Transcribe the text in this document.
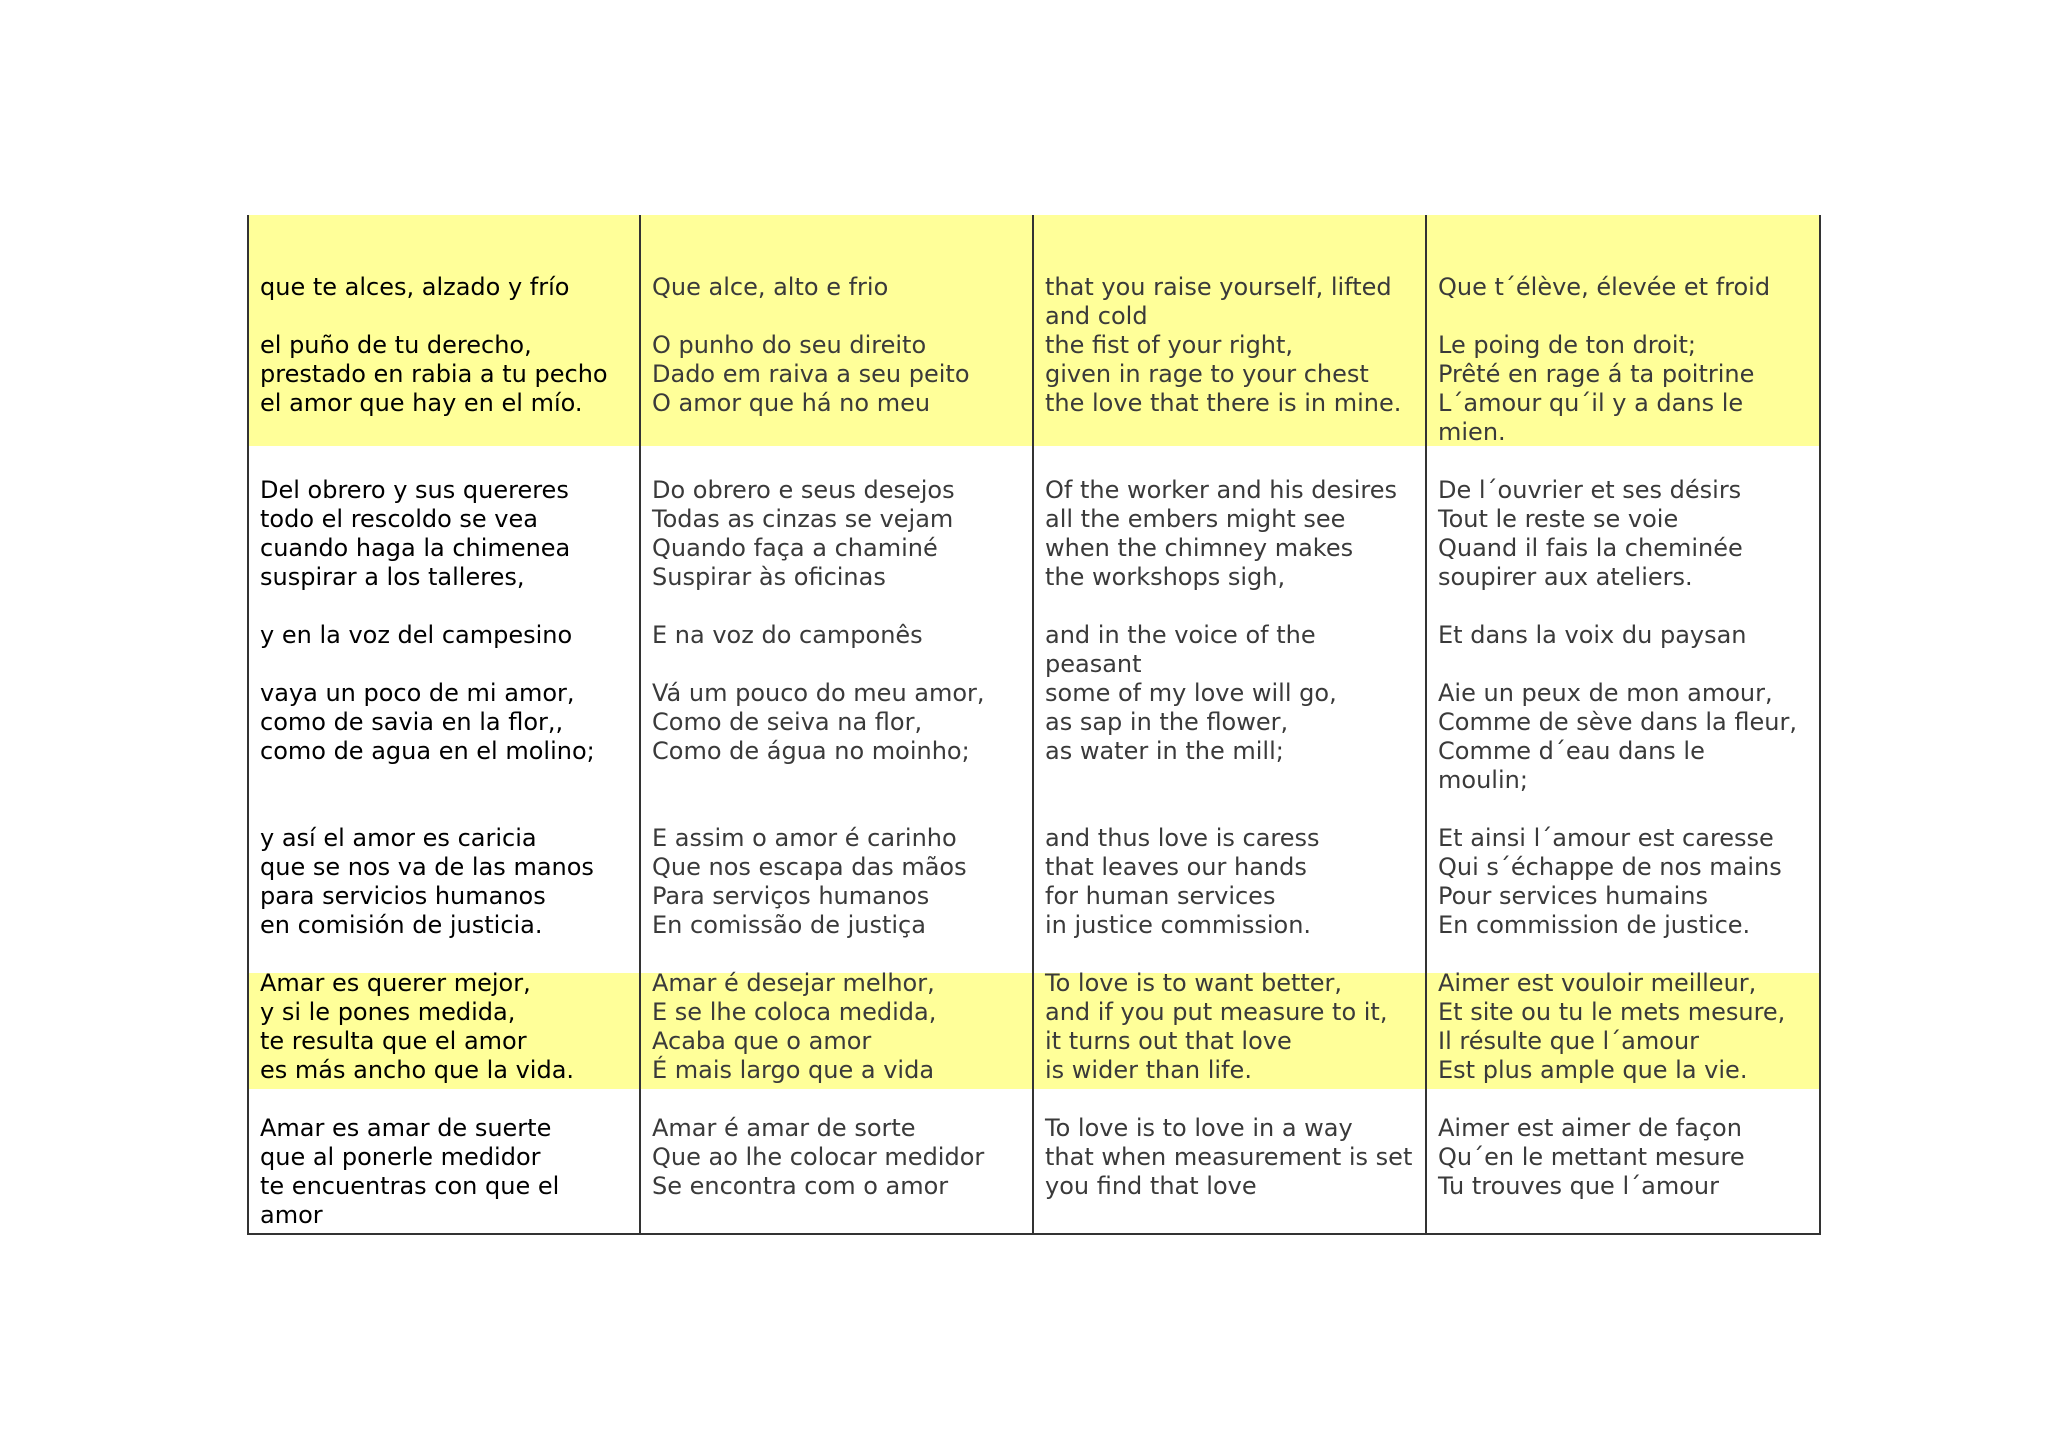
que te alces, alzado y frío

el puño de tu derecho,
prestado en rabia a tu pecho
el amor que hay en el mío.

Del obrero y sus quereres
todo el rescoldo se vea
cuando haga la chimenea
suspirar a los talleres,

y en la voz del campesino

vaya un poco de mi amor,
como de savia en la flor,,
como de agua en el molino;

y así el amor es caricia
que se nos va de las manos
para servicios humanos
en comisión de justicia.

Amar es querer mejor,
y si le pones medida,
te resulta que el amor
es más ancho que la vida.

Amar es amar de suerte
que al ponerle medidor
te encuentras con que el
amor

Que alce, alto e frio

O punho do seu direito
Dado em raiva a seu peito
O amor que há no meu

Do obrero e seus desejos
Todas as cinzas se vejam
Quando faça a chaminé
Suspirar às oficinas

E na voz do camponês

Vá um pouco do meu amor,
Como de seiva na flor,
Como de água no moinho;

E assim o amor é carinho
Que nos escapa das mãos
Para serviços humanos
En comissão de justiça

Amar é desejar melhor,
E se lhe coloca medida,
Acaba que o amor
É mais largo que a vida

Amar é amar de sorte
Que ao lhe colocar medidor
Se encontra com o amor

that you raise yourself, lifted
and cold

the fist of your right,
given in rage to your chest
the love that there is in mine.

Of the worker and his desires
all the embers might see
when the chimney makes
the workshops sigh,

and in the voice of the
peasant

some of my love will go,
as sap in the flower,
as water in the mill;

and thus love is caress
that leaves our hands
for human services
in justice commission.

To love is to want better,
and if you put measure to it,
it turns out that love
is wider than life.

To love is to love in a way
that when measurement is set
you find that love

Que t´élève, élevée et froid

Le poing de ton droit;
Prêté en rage á ta poitrine
L´amour qu´il y a dans le
mien.

De l´ouvrier et ses désirs
Tout le reste se voie
Quand il fais la cheminée
soupirer aux ateliers.

Et dans la voix du paysan

Aie un peux de mon amour,
Comme de sève dans la fleur,
Comme d´eau dans le
moulin;

Et ainsi l´amour est caresse
Qui s´échappe de nos mains
Pour services humains
En commission de justice.

Aimer est vouloir meilleur,
Et site ou tu le mets mesure,
Il résulte que l´amour
Est plus ample que la vie.

Aimer est aimer de façon
Qu´en le mettant mesure
Tu trouves que l´amour
